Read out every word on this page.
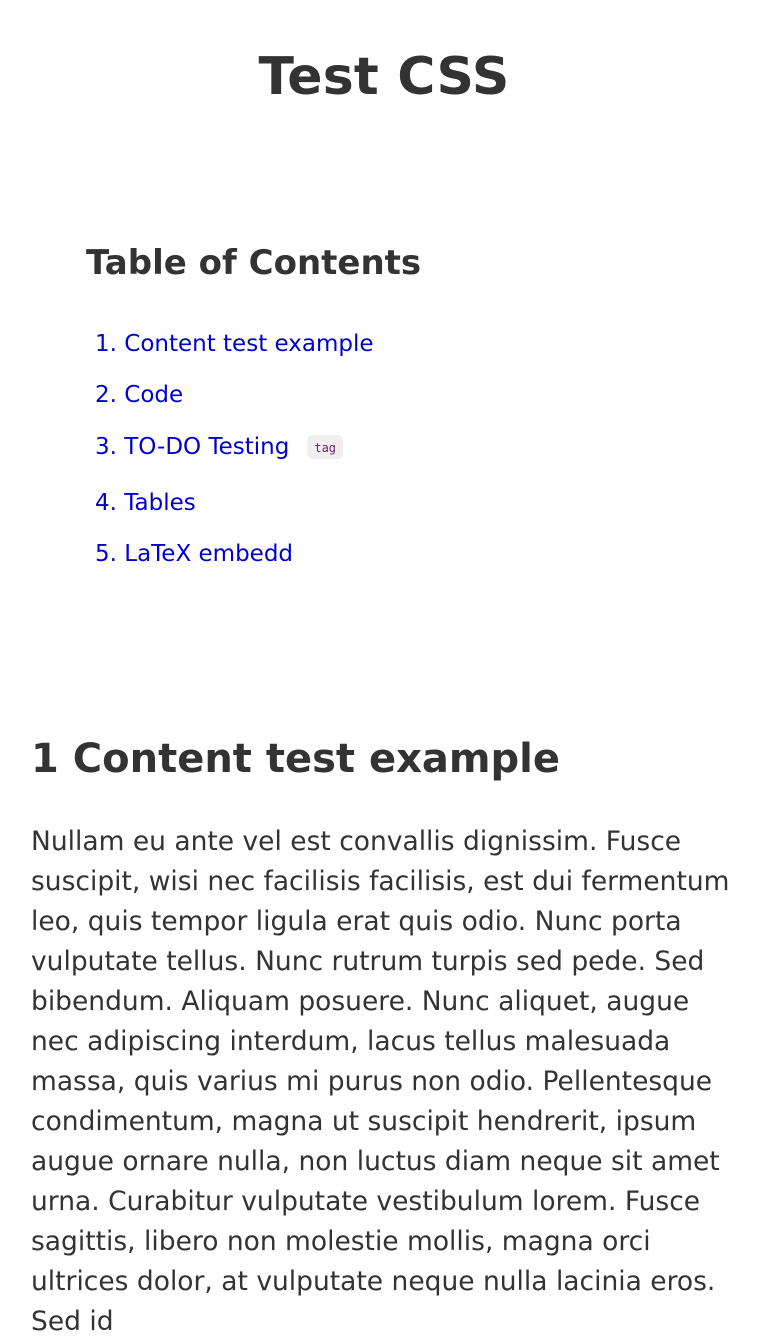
Test CSS
Table of Contents
1. Content test example
2. Code
3. TO-DO Testing tag
4. Tables
5. LaTeX embedd
1 Content test example

Nullam eu ante vel est convallis dignissim. Fusce suscipit, wisi nec facilisis facilisis, est dui fermentum leo, quis tempor ligula erat quis odio. Nunc porta vulputate tellus. Nunc rutrum turpis sed pede. Sed bibendum. Aliquam posuere. Nunc aliquet, augue nec adipiscing interdum, lacus tellus malesuada massa, quis varius mi purus non odio. Pellentesque condimentum, magna ut suscipit hendrerit, ipsum augue ornare nulla, non luctus diam neque sit amet urna. Curabitur vulputate vestibulum lorem. Fusce sagittis, libero non molestie mollis, magna orci ultrices dolor, at vulputate neque nulla lacinia eros. Sed id
